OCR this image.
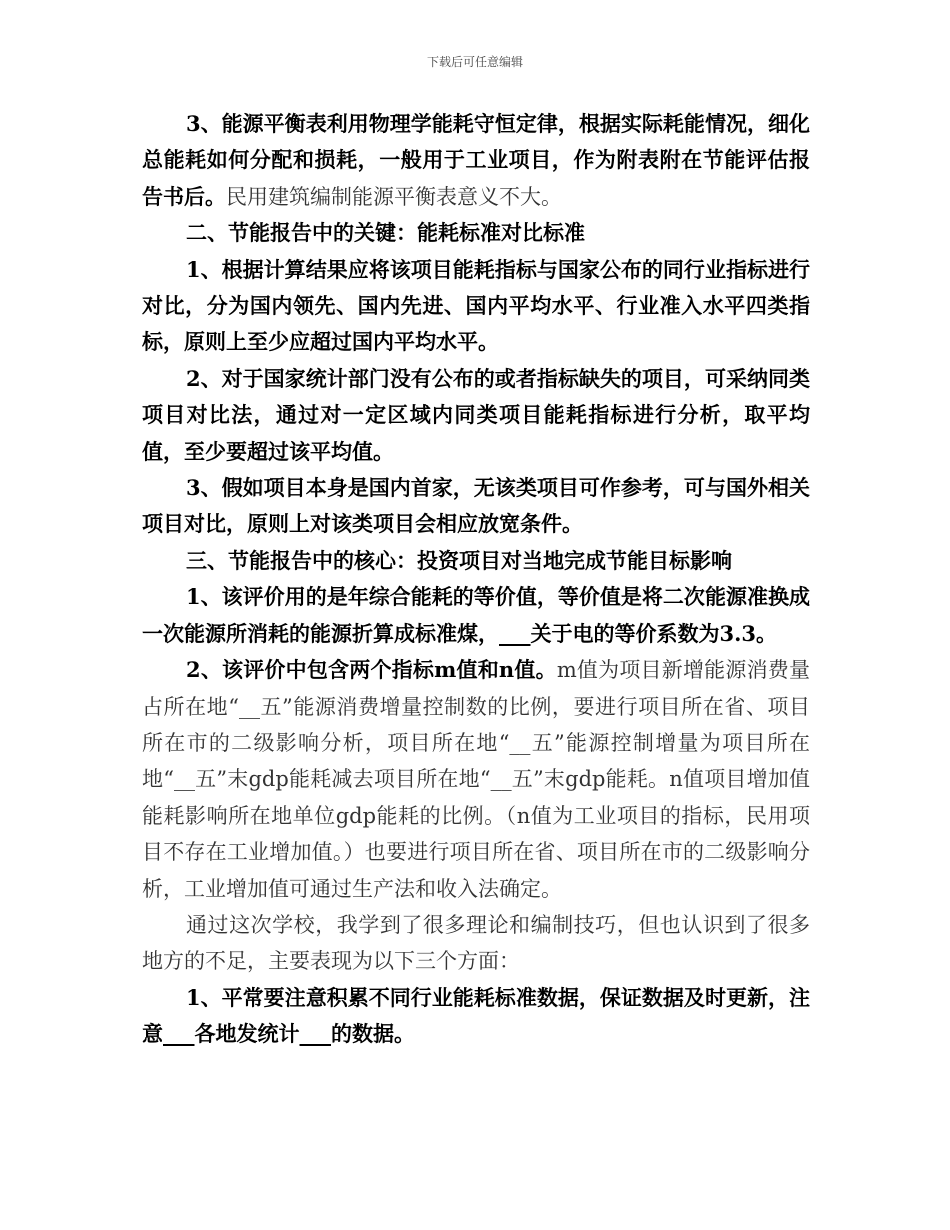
下载后可任意编辑

3、能源平衡表利用物理学能耗守恒定律，根据实际耗能情况，细化总能耗如何分配和损耗，一般用于工业项目，作为附表附在节能评估报告书后。民用建筑编制能源平衡表意义不大。

二、节能报告中的关键：能耗标准对比标准

1、根据计算结果应将该项目能耗指标与国家公布的同行业指标进行对比，分为国内领先、国内先进、国内平均水平、行业准入水平四类指标，原则上至少应超过国内平均水平。

2、对于国家统计部门没有公布的或者指标缺失的项目，可采纳同类项目对比法，通过对一定区域内同类项目能耗指标进行分析，取平均值，至少要超过该平均值。

3、假如项目本身是国内首家，无该类项目可作参考，可与国外相关项目对比，原则上对该类项目会相应放宽条件。

三、节能报告中的核心：投资项目对当地完成节能目标影响

1、该评价用的是年综合能耗的等价值，等价值是将二次能源准换成一次能源所消耗的能源折算成标准煤，___关于电的等价系数为3.3。

2、该评价中包含两个指标m值和n值。m值为项目新增能源消费量占所在地“__五”能源消费增量控制数的比例，要进行项目所在省、项目所在市的二级影响分析，项目所在地“__五”能源控制增量为项目所在地“__五”末gdp能耗减去项目所在地“__五”末gdp能耗。n值项目增加值能耗影响所在地单位gdp能耗的比例。（n值为工业项目的指标，民用项目不存在工业增加值。）也要进行项目所在省、项目所在市的二级影响分析，工业增加值可通过生产法和收入法确定。

通过这次学校，我学到了很多理论和编制技巧，但也认识到了很多地方的不足，主要表现为以下三个方面：

1、平常要注意积累不同行业能耗标准数据，保证数据及时更新，注意___各地发统计___的数据。
